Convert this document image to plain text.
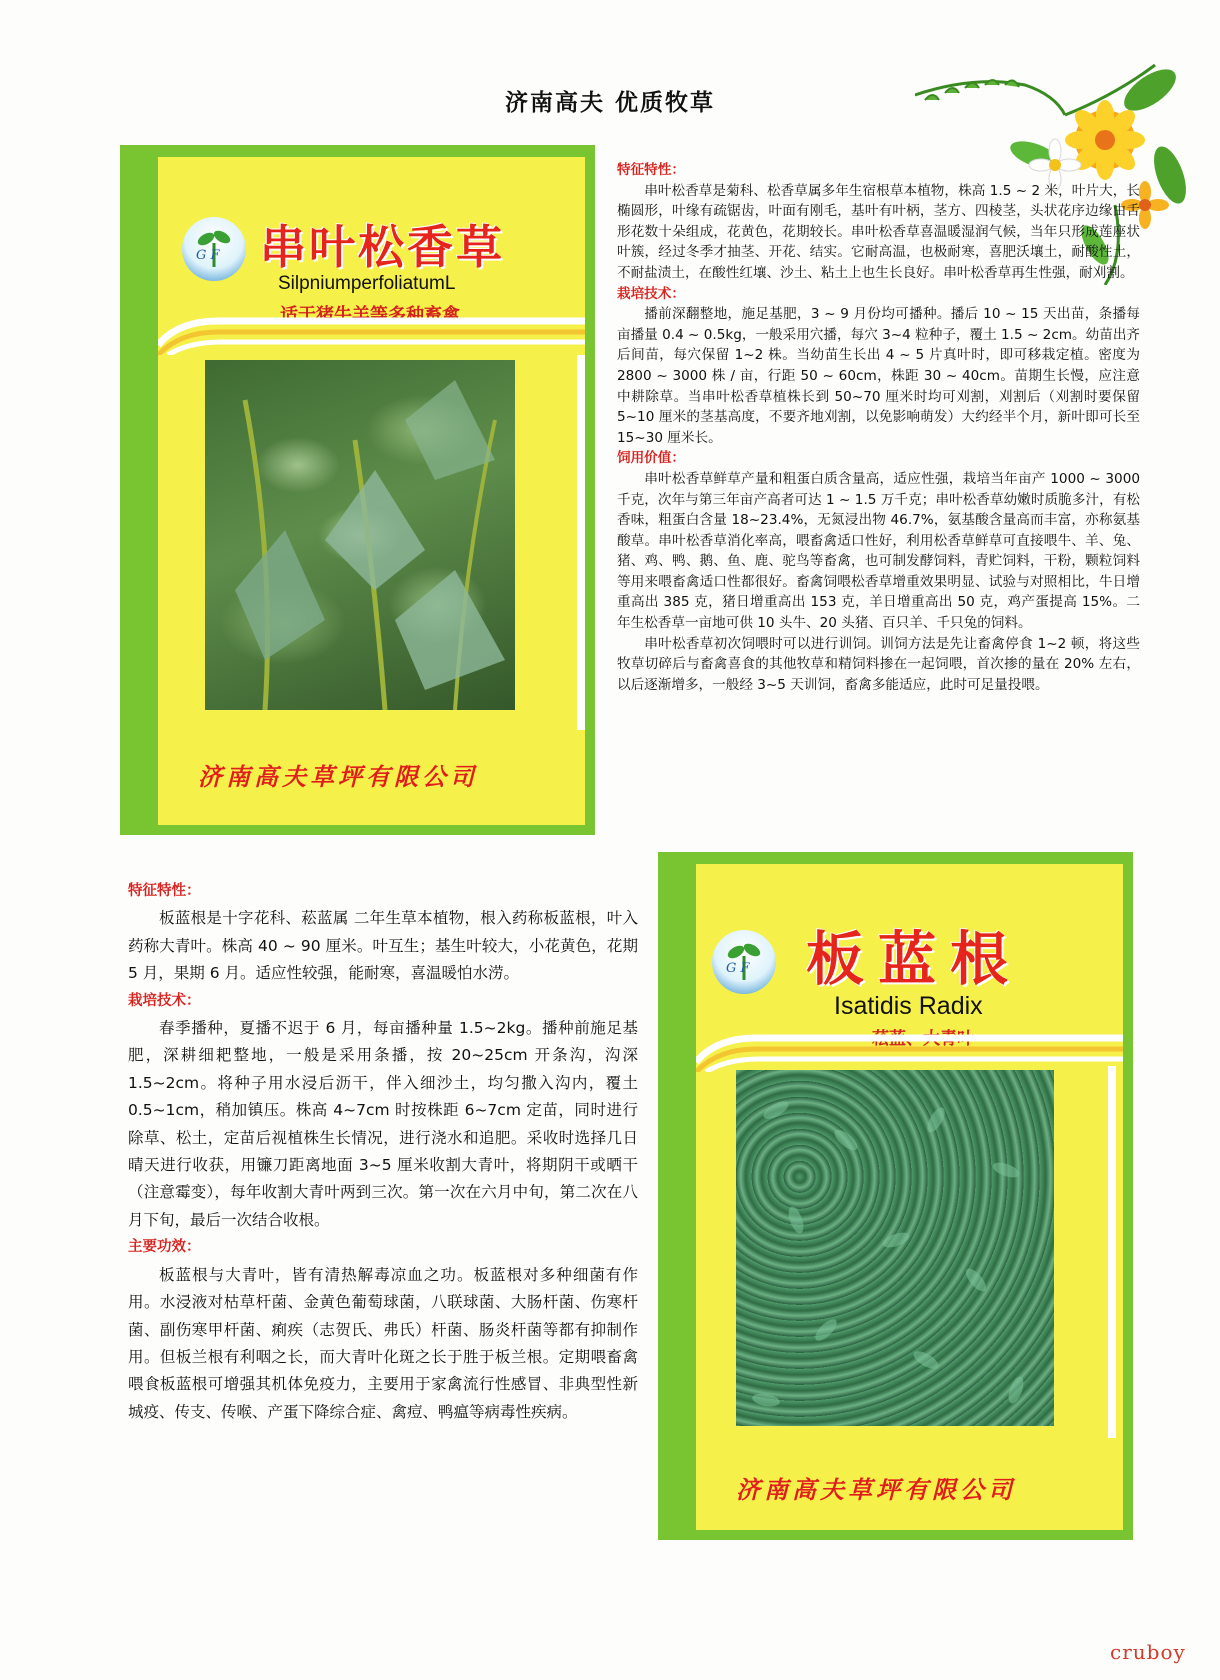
济南高夫 优质牧草
G F 串叶松香草
SilpniumperfoliatumL
适于猪牛羊等多种畜禽
济南高夫草坪有限公司
特征特性：

串叶松香草是菊科、松香草属多年生宿根草本植物，株高 1.5 ~ 2 米，叶片大，长椭圆形，叶缘有疏锯齿，叶面有刚毛，基叶有叶柄，茎方、四棱茎，头状花序边缘由舌形花数十朵组成，花黄色，花期较长。串叶松香草喜温暖湿润气候，当年只形成莲座状叶簇，经过冬季才抽茎、开花、结实。它耐高温，也极耐寒，喜肥沃壤土，耐酸性土，不耐盐渍土，在酸性红壤、沙土、粘土上也生长良好。串叶松香草再生性强，耐刈割。

栽培技术：

播前深翻整地，施足基肥，3 ~ 9 月份均可播种。播后 10 ~ 15 天出苗，条播每亩播量 0.4 ~ 0.5kg，一般采用穴播，每穴 3~4 粒种子，覆土 1.5 ~ 2cm。幼苗出齐后间苗，每穴保留 1~2 株。当幼苗生长出 4 ~ 5 片真叶时，即可移栽定植。密度为 2800 ~ 3000 株 / 亩，行距 50 ~ 60cm，株距 30 ~ 40cm。苗期生长慢，应注意中耕除草。当串叶松香草植株长到 50~70 厘米时均可刈割，刈割后（刈割时要保留 5~10 厘米的茎基高度，不要齐地刈割，以免影响萌发）大约经半个月，新叶即可长至 15~30 厘米长。

饲用价值：

串叶松香草鲜草产量和粗蛋白质含量高，适应性强，栽培当年亩产 1000 ~ 3000 千克，次年与第三年亩产高者可达 1 ~ 1.5 万千克；串叶松香草幼嫩时质脆多汁，有松香味，粗蛋白含量 18~23.4%，无氮浸出物 46.7%，氨基酸含量高而丰富，亦称氨基酸草。串叶松香草消化率高，喂畜禽适口性好，利用松香草鲜草可直接喂牛、羊、兔、猪、鸡、鸭、鹅、鱼、鹿、驼鸟等畜禽，也可制发酵饲料，青贮饲料，干粉，颗粒饲料等用来喂畜禽适口性都很好。畜禽饲喂松香草增重效果明显、试验与对照相比，牛日增重高出 385 克，猪日增重高出 153 克，羊日增重高出 50 克，鸡产蛋提高 15%。二年生松香草一亩地可供 10 头牛、20 头猪、百只羊、千只兔的饲料。

串叶松香草初次饲喂时可以进行训饲。训饲方法是先让畜禽停食 1~2 顿，将这些牧草切碎后与畜禽喜食的其他牧草和精饲料掺在一起饲喂，首次掺的量在 20% 左右，以后逐渐增多，一般经 3~5 天训饲，畜禽多能适应，此时可足量投喂。

特征特性：

板蓝根是十字花科、菘蓝属 二年生草本植物，根入药称板蓝根，叶入药称大青叶。株高 40 ~ 90 厘米。叶互生；基生叶较大，小花黄色，花期 5 月，果期 6 月。适应性较强，能耐寒，喜温暖怕水涝。

栽培技术：

春季播种，夏播不迟于 6 月，每亩播种量 1.5~2kg。播种前施足基肥，深耕细耙整地，一般是采用条播，按 20~25cm 开条沟，沟深 1.5~2cm。将种子用水浸后沥干，伴入细沙土，均匀撒入沟内，覆土 0.5~1cm，稍加镇压。株高 4~7cm 时按株距 6~7cm 定苗，同时进行除草、松土，定苗后视植株生长情况，进行浇水和追肥。采收时选择几日晴天进行收获，用镰刀距离地面 3~5 厘米收割大青叶，将期阴干或晒干（注意霉变），每年收割大青叶两到三次。第一次在六月中旬，第二次在八月下旬，最后一次结合收根。

主要功效：

板蓝根与大青叶，皆有清热解毒凉血之功。板蓝根对多种细菌有作用。水浸液对枯草杆菌、金黄色葡萄球菌，八联球菌、大肠杆菌、伤寒杆菌、副伤寒甲杆菌、痢疾（志贺氏、弗氏）杆菌、肠炎杆菌等都有抑制作用。但板兰根有利咽之长，而大青叶化斑之长于胜于板兰根。定期喂畜禽喂食板蓝根可增强其机体免疫力，主要用于家禽流行性感冒、非典型性新城疫、传支、传喉、产蛋下降综合症、禽痘、鸭瘟等病毒性疾病。

G F 板蓝根
Isatidis Radix
菘蓝、大青叶
济南高夫草坪有限公司
cruboy
